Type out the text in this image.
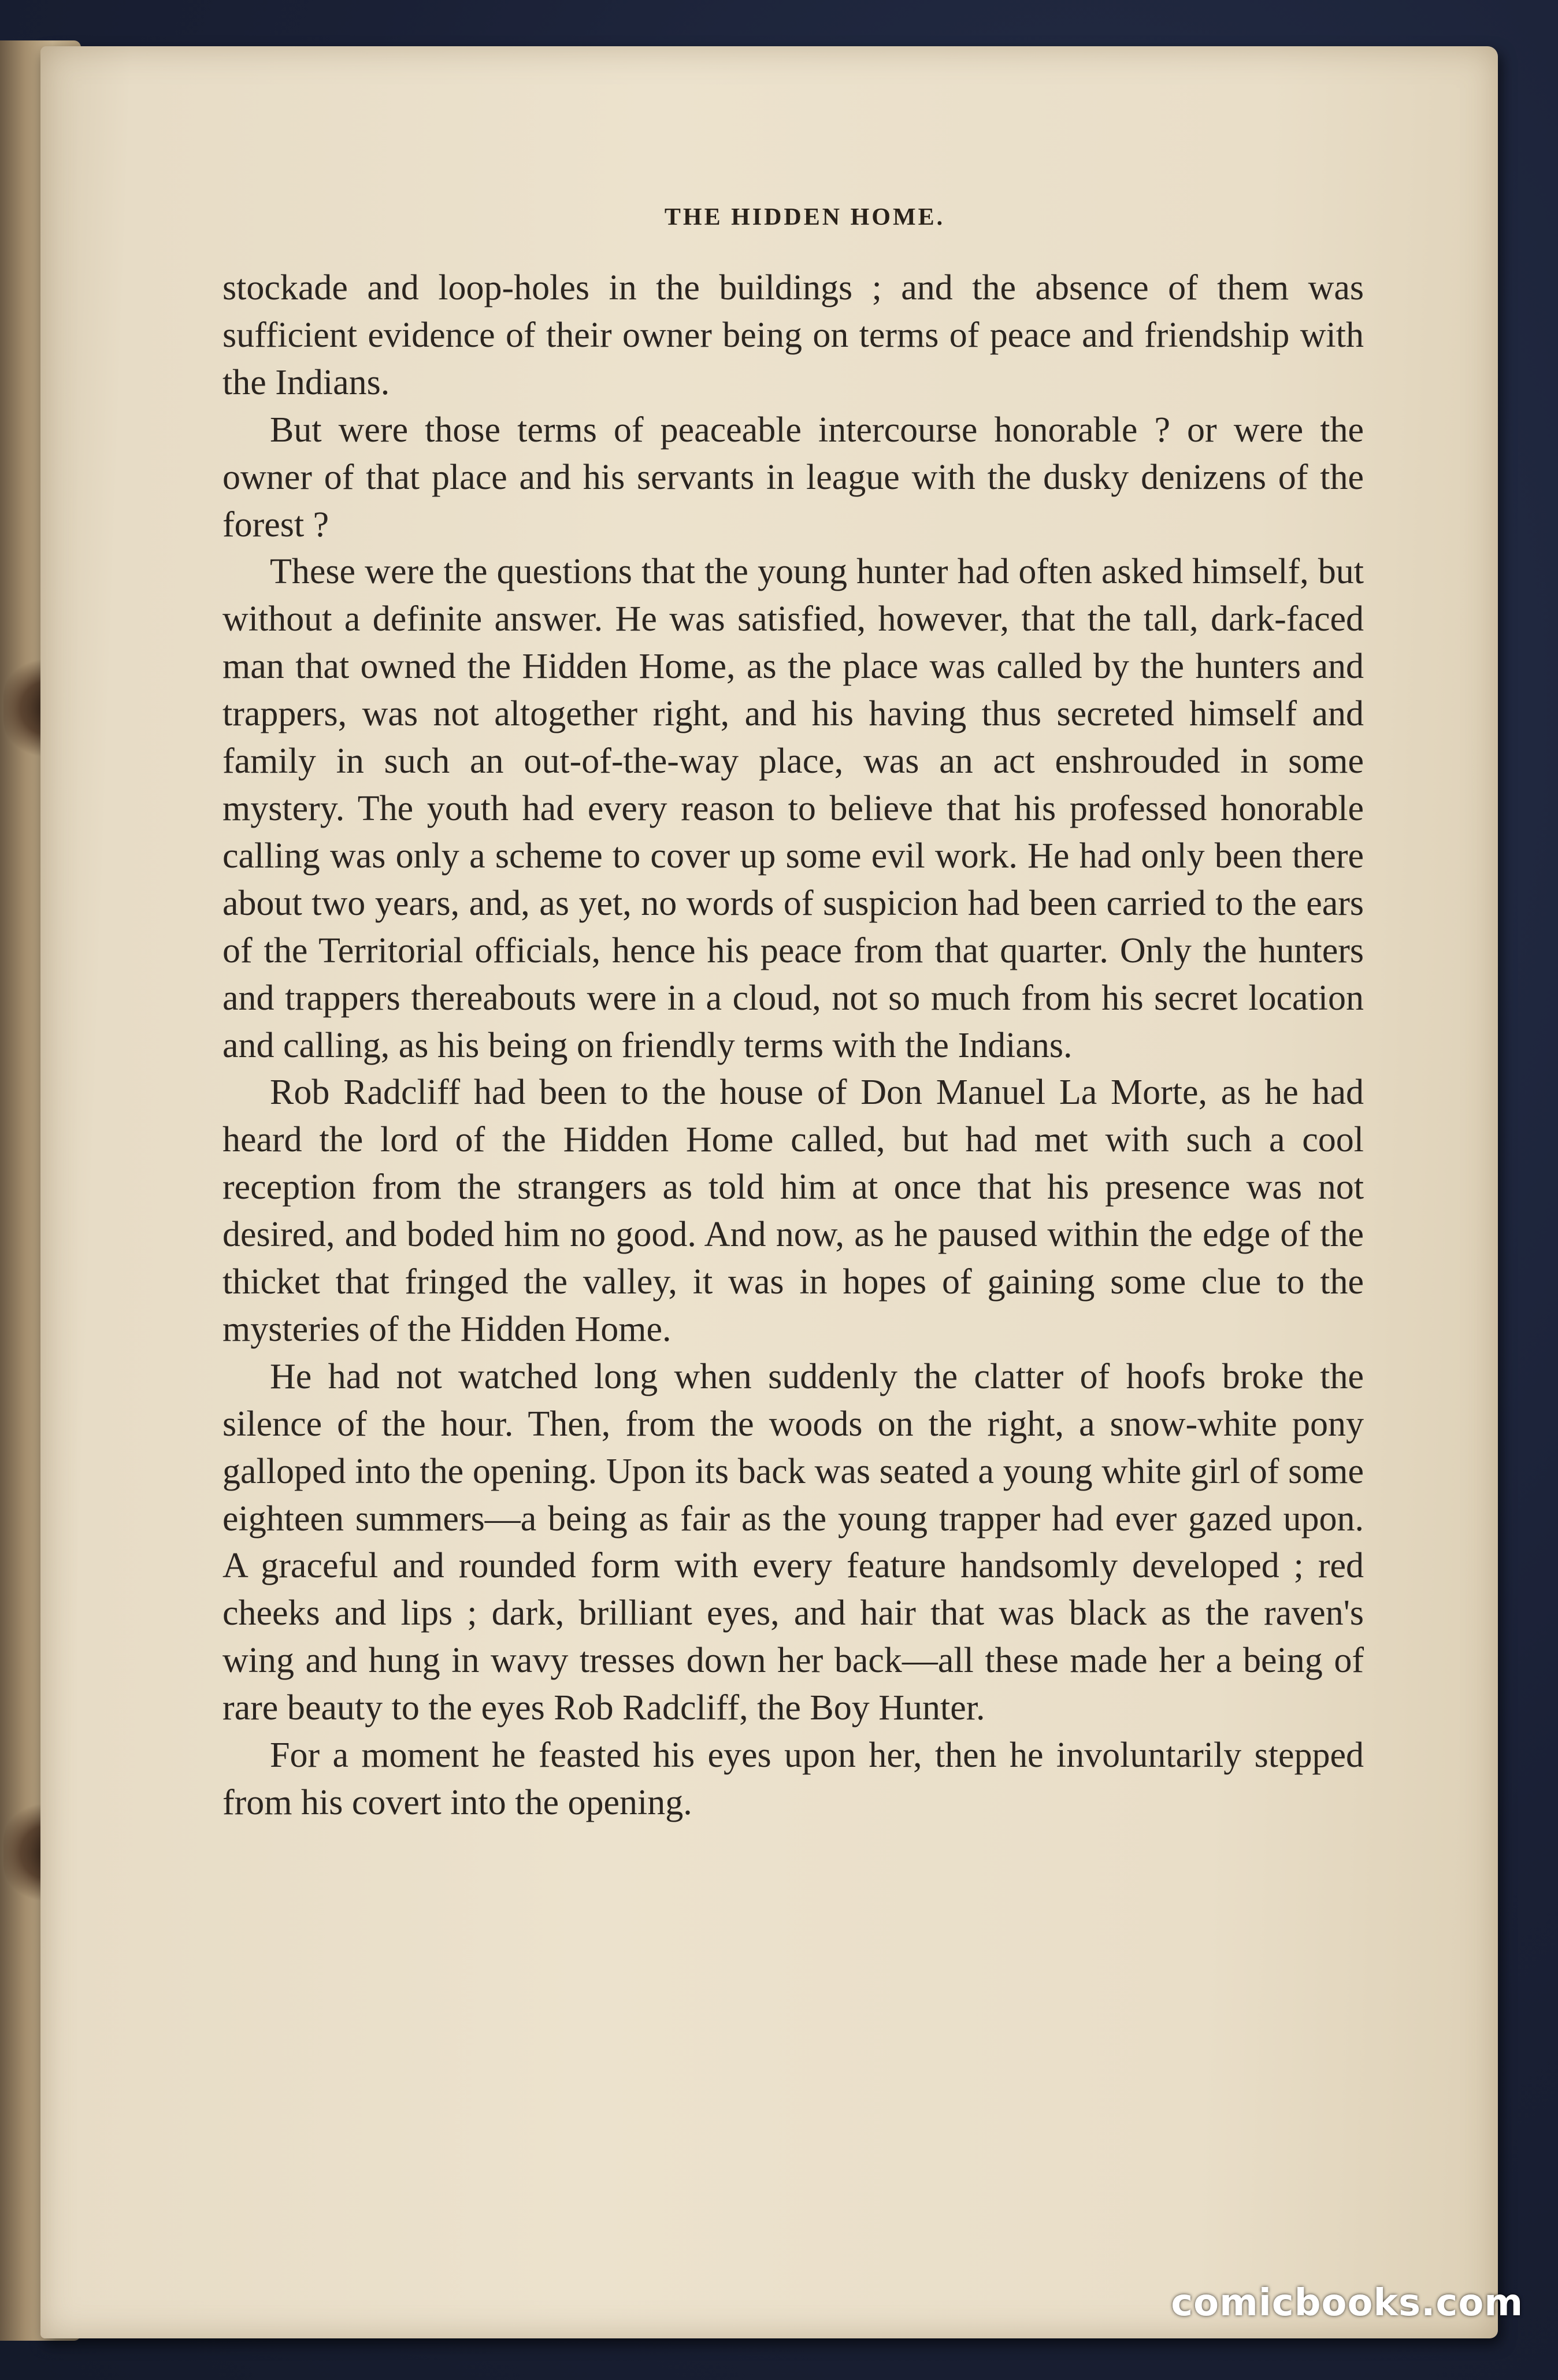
THE HIDDEN HOME.

stockade and loop-holes in the buildings ; and the absence of them was sufficient evidence of their owner being on terms of peace and friendship with the Indians.

But were those terms of peaceable intercourse honorable ? or were the owner of that place and his servants in league with the dusky denizens of the forest ?

These were the questions that the young hunter had often asked himself, but without a definite answer. He was satisfied, however, that the tall, dark-faced man that owned the Hidden Home, as the place was called by the hunters and trappers, was not altogether right, and his having thus secreted himself and family in such an out-of-the-way place, was an act enshrouded in some mystery. The youth had every reason to believe that his professed honorable calling was only a scheme to cover up some evil work. He had only been there about two years, and, as yet, no words of suspicion had been carried to the ears of the Territorial officials, hence his peace from that quarter. Only the hunters and trappers thereabouts were in a cloud, not so much from his secret location and calling, as his being on friendly terms with the Indians.

Rob Radcliff had been to the house of Don Manuel La Morte, as he had heard the lord of the Hidden Home called, but had met with such a cool reception from the strangers as told him at once that his presence was not desired, and boded him no good. And now, as he paused within the edge of the thicket that fringed the valley, it was in hopes of gaining some clue to the mysteries of the Hidden Home.

He had not watched long when suddenly the clatter of hoofs broke the silence of the hour. Then, from the woods on the right, a snow-white pony galloped into the opening. Upon its back was seated a young white girl of some eighteen summers—a being as fair as the young trapper had ever gazed upon. A graceful and rounded form with every feature handsomly developed ; red cheeks and lips ; dark, brilliant eyes, and hair that was black as the raven's wing and hung in wavy tresses down her back—all these made her a being of rare beauty to the eyes Rob Radcliff, the Boy Hunter.

For a moment he feasted his eyes upon her, then he involuntarily stepped from his covert into the opening.

comicbooks.com
